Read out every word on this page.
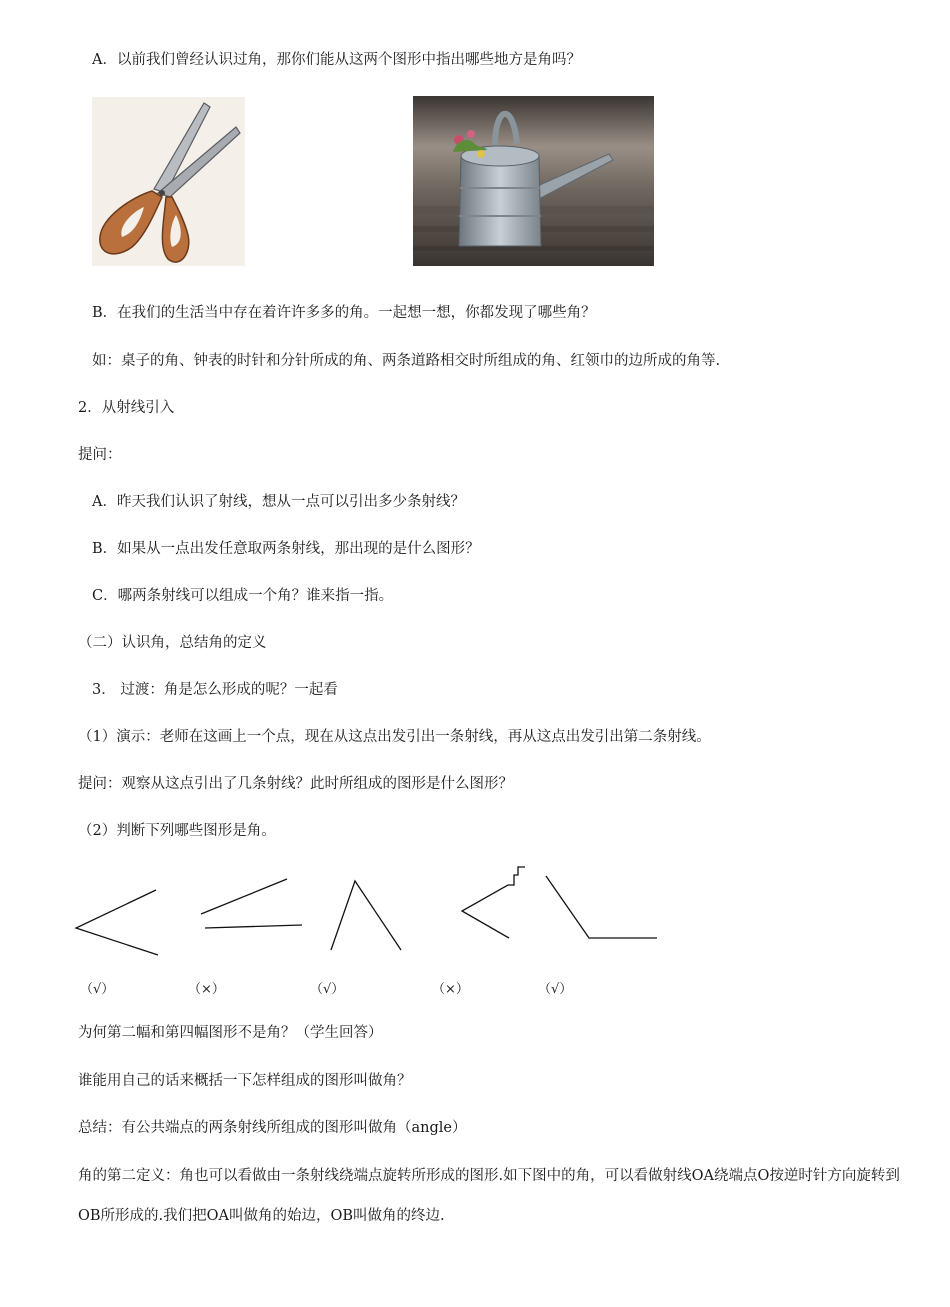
A．以前我们曾经认识过角，那你们能从这两个图形中指出哪些地方是角吗？
B．在我们的生活当中存在着许许多多的角。一起想一想，你都发现了哪些角？
如：桌子的角、钟表的时针和分针所成的角、两条道路相交时所组成的角、红领巾的边所成的角等.
2．从射线引入
提问：
A．昨天我们认识了射线，想从一点可以引出多少条射线？
B．如果从一点出发任意取两条射线，那出现的是什么图形？
C．哪两条射线可以组成一个角？谁来指一指。
（二）认识角，总结角的定义
3． 过渡：角是怎么形成的呢？一起看
（1）演示：老师在这画上一个点，现在从这点出发引出一条射线，再从这点出发引出第二条射线。
提问：观察从这点引出了几条射线？此时所组成的图形是什么图形？
（2）判断下列哪些图形是角。
（√）	（×）	（√）	（×）	（√）
为何第二幅和第四幅图形不是角？（学生回答）
谁能用自己的话来概括一下怎样组成的图形叫做角？
总结：有公共端点的两条射线所组成的图形叫做角（angle）
角的第二定义：角也可以看做由一条射线绕端点旋转所形成的图形.如下图中的角，可以看做射线OA绕端点O按逆时针方向旋转到OB所形成的.我们把OA叫做角的始边，OB叫做角的终边.
